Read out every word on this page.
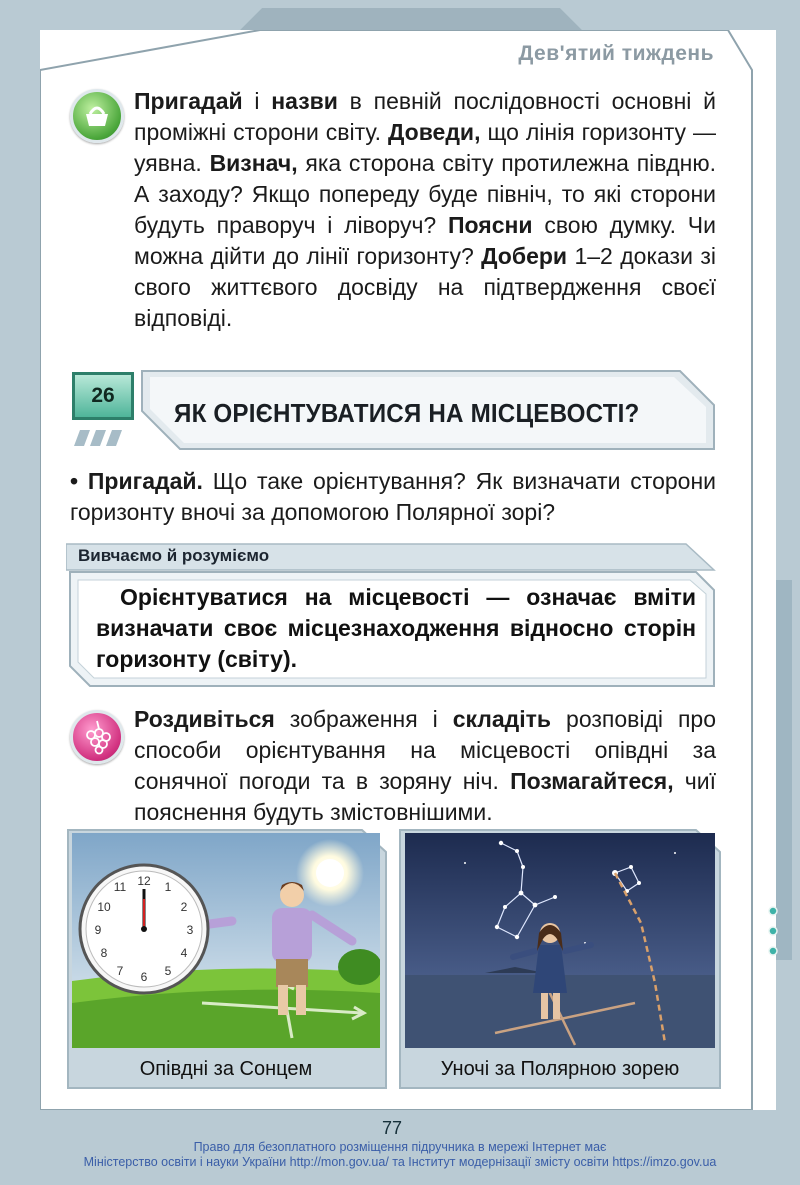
Дев'ятий тиждень
Пригадай і назви в певній послідовності основні й проміжні сторони світу. Доведи, що лінія горизонту — уявна. Визнач, яка сторона світу протилежна півдню. А заходу? Якщо попереду буде північ, то які сторони будуть праворуч і ліворуч? Поясни свою думку. Чи можна дійти до лінії горизонту? Добери 1–2 докази зі свого життєвого досвіду на підтвердження своєї відповіді.
26
ЯК ОРІЄНТУВАТИСЯ НА МІСЦЕВОСТІ?
• Пригадай. Що таке орієнтування? Як визначати сторони горизонту вночі за допомогою Полярної зорі?
Вивчаємо й розуміємо
Орієнтуватися на місцевості — означає вміти визначати своє місцезнаходження відносно сторін горизонту (світу).
Роздивіться зображення і складіть розповіді про способи орієнтування на місцевості опівдні за сонячної погоди та в зоряну ніч. Позмагайтеся, чиї пояснення будуть змістовнішими.
12 1
2
3
4
5
6
7
8
9
10
11
Опівдні за Сонцем	Уночі за Полярною зорею
77
Право для безоплатного розміщення підручника в мережі Інтернет має
Міністерство освіти і науки України http://mon.gov.ua/ та Інститут модернізації змісту освіти https://imzo.gov.ua
